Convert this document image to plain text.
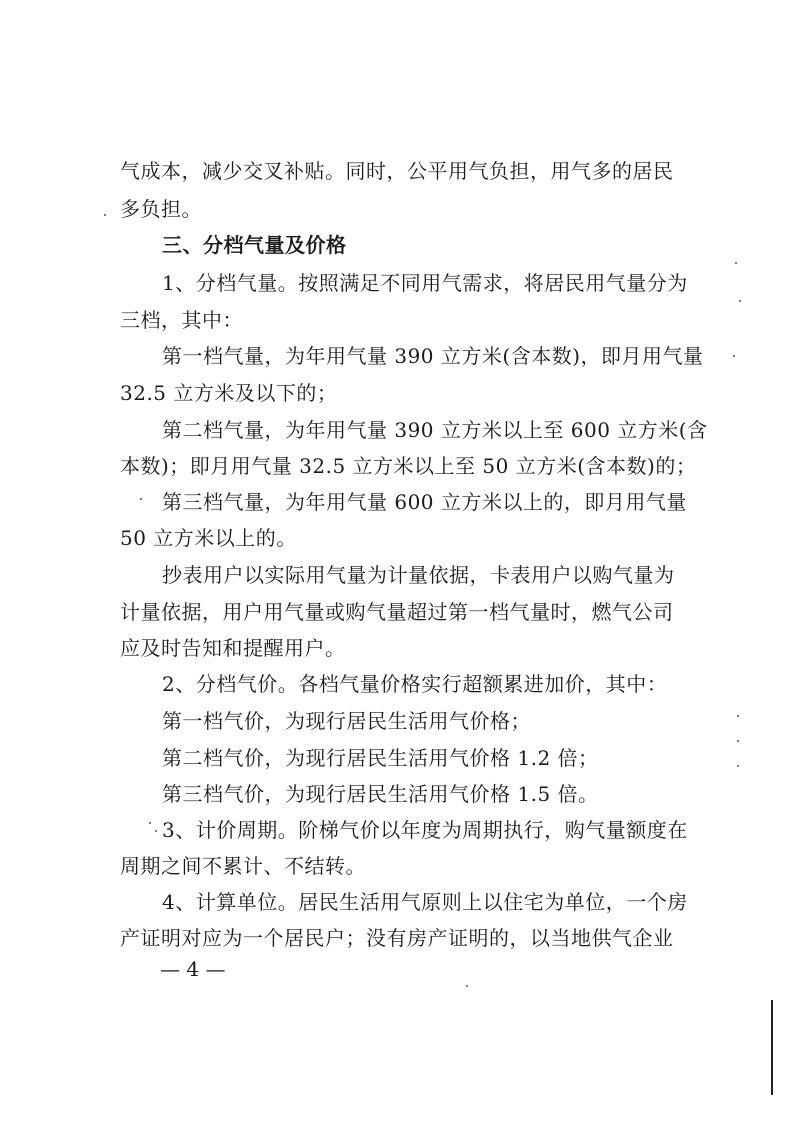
气成本，减少交叉补贴。同时，公平用气负担，用气多的居民
多负担。
三、分档气量及价格
1、分档气量。按照满足不同用气需求，将居民用气量分为
三档，其中：
第一档气量，为年用气量 390 立方米(含本数)，即月用气量
32.5 立方米及以下的；
第二档气量，为年用气量 390 立方米以上至 600 立方米(含
本数)；即月用气量 32.5 立方米以上至 50 立方米(含本数)的；
第三档气量，为年用气量 600 立方米以上的，即月用气量
50 立方米以上的。
抄表用户以实际用气量为计量依据，卡表用户以购气量为
计量依据，用户用气量或购气量超过第一档气量时，燃气公司
应及时告知和提醒用户。
2、分档气价。各档气量价格实行超额累进加价，其中：
第一档气价，为现行居民生活用气价格；
第二档气价，为现行居民生活用气价格 1.2 倍；
第三档气价，为现行居民生活用气价格 1.5 倍。
3、计价周期。阶梯气价以年度为周期执行，购气量额度在
周期之间不累计、不结转。
4、计算单位。居民生活用气原则上以住宅为单位，一个房
产证明对应为一个居民户；没有房产证明的，以当地供气企业
— 4 —
